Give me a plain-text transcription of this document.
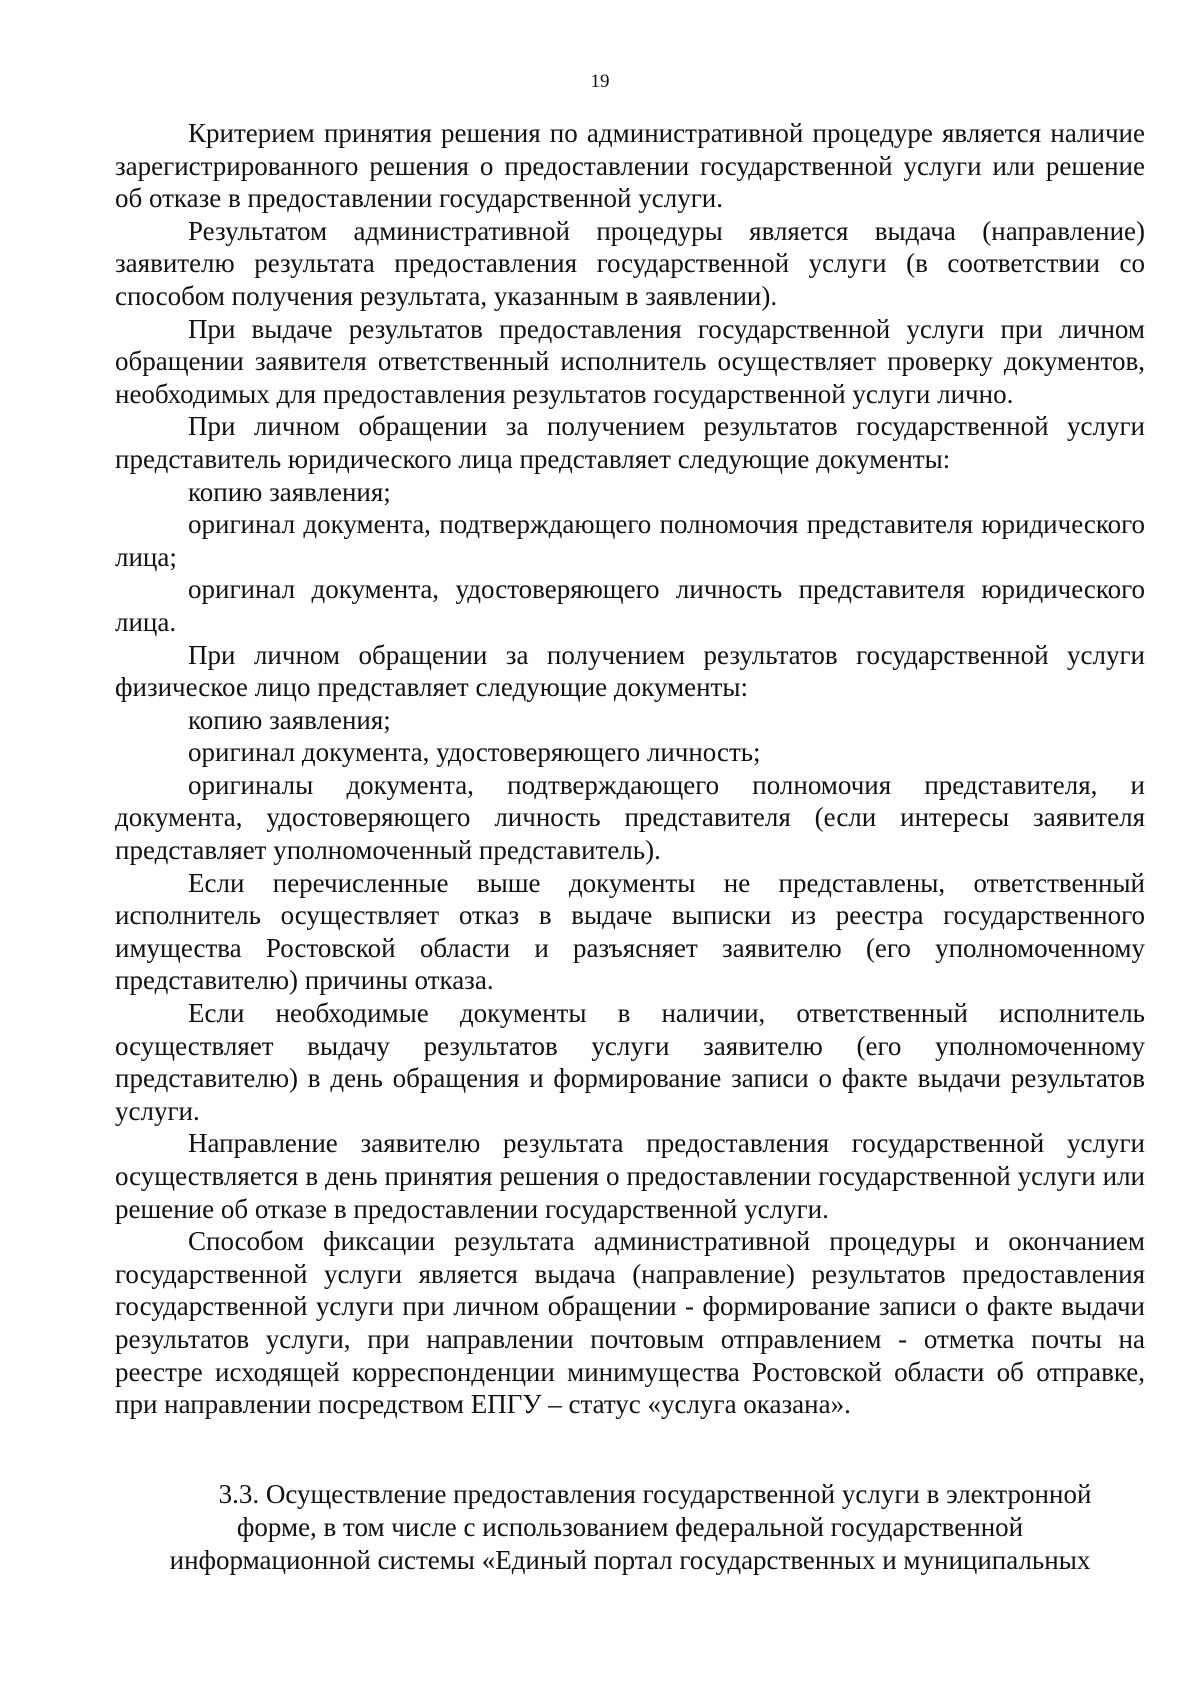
19

Критерием принятия решения по административной процедуре является наличие зарегистрированного решения о предоставлении государственной услуги или решение об отказе в предоставлении государственной услуги.

Результатом административной процедуры является выдача (направление) заявителю результата предоставления государственной услуги (в соответствии со способом получения результата, указанным в заявлении).

При выдаче результатов предоставления государственной услуги при личном обращении заявителя ответственный исполнитель осуществляет проверку документов, необходимых для предоставления результатов государственной услуги лично.

При личном обращении за получением результатов государственной услуги представитель юридического лица представляет следующие документы:

копию заявления;

оригинал документа, подтверждающего полномочия представителя юридического лица;

оригинал документа, удостоверяющего личность представителя юридического лица.

При личном обращении за получением результатов государственной услуги физическое лицо представляет следующие документы:

копию заявления;

оригинал документа, удостоверяющего личность;

оригиналы документа, подтверждающего полномочия представителя, и документа, удостоверяющего личность представителя (если интересы заявителя представляет уполномоченный представитель).

Если перечисленные выше документы не представлены, ответственный исполнитель осуществляет отказ в выдаче выписки из реестра государственного имущества Ростовской области и разъясняет заявителю (его уполномоченному представителю) причины отказа.

Если необходимые документы в наличии, ответственный исполнитель осуществляет выдачу результатов услуги заявителю (его уполномоченному представителю) в день обращения и формирование записи о факте выдачи результатов услуги.

Направление заявителю результата предоставления государственной услуги осуществляется в день принятия решения о предоставлении государственной услуги или решение об отказе в предоставлении государственной услуги.

Способом фиксации результата административной процедуры и окончанием государственной услуги является выдача (направление) результатов предоставления государственной услуги при личном обращении - формирование записи о факте выдачи результатов услуги, при направлении почтовым отправлением - отметка почты на реестре исходящей корреспонденции минимущества Ростовской области об отправке, при направлении посредством ЕПГУ – статус «услуга оказана».

3.3. Осуществление предоставления государственной услуги в электронной
форме, в том числе с использованием федеральной государственной
информационной системы «Единый портал государственных и муниципальных
